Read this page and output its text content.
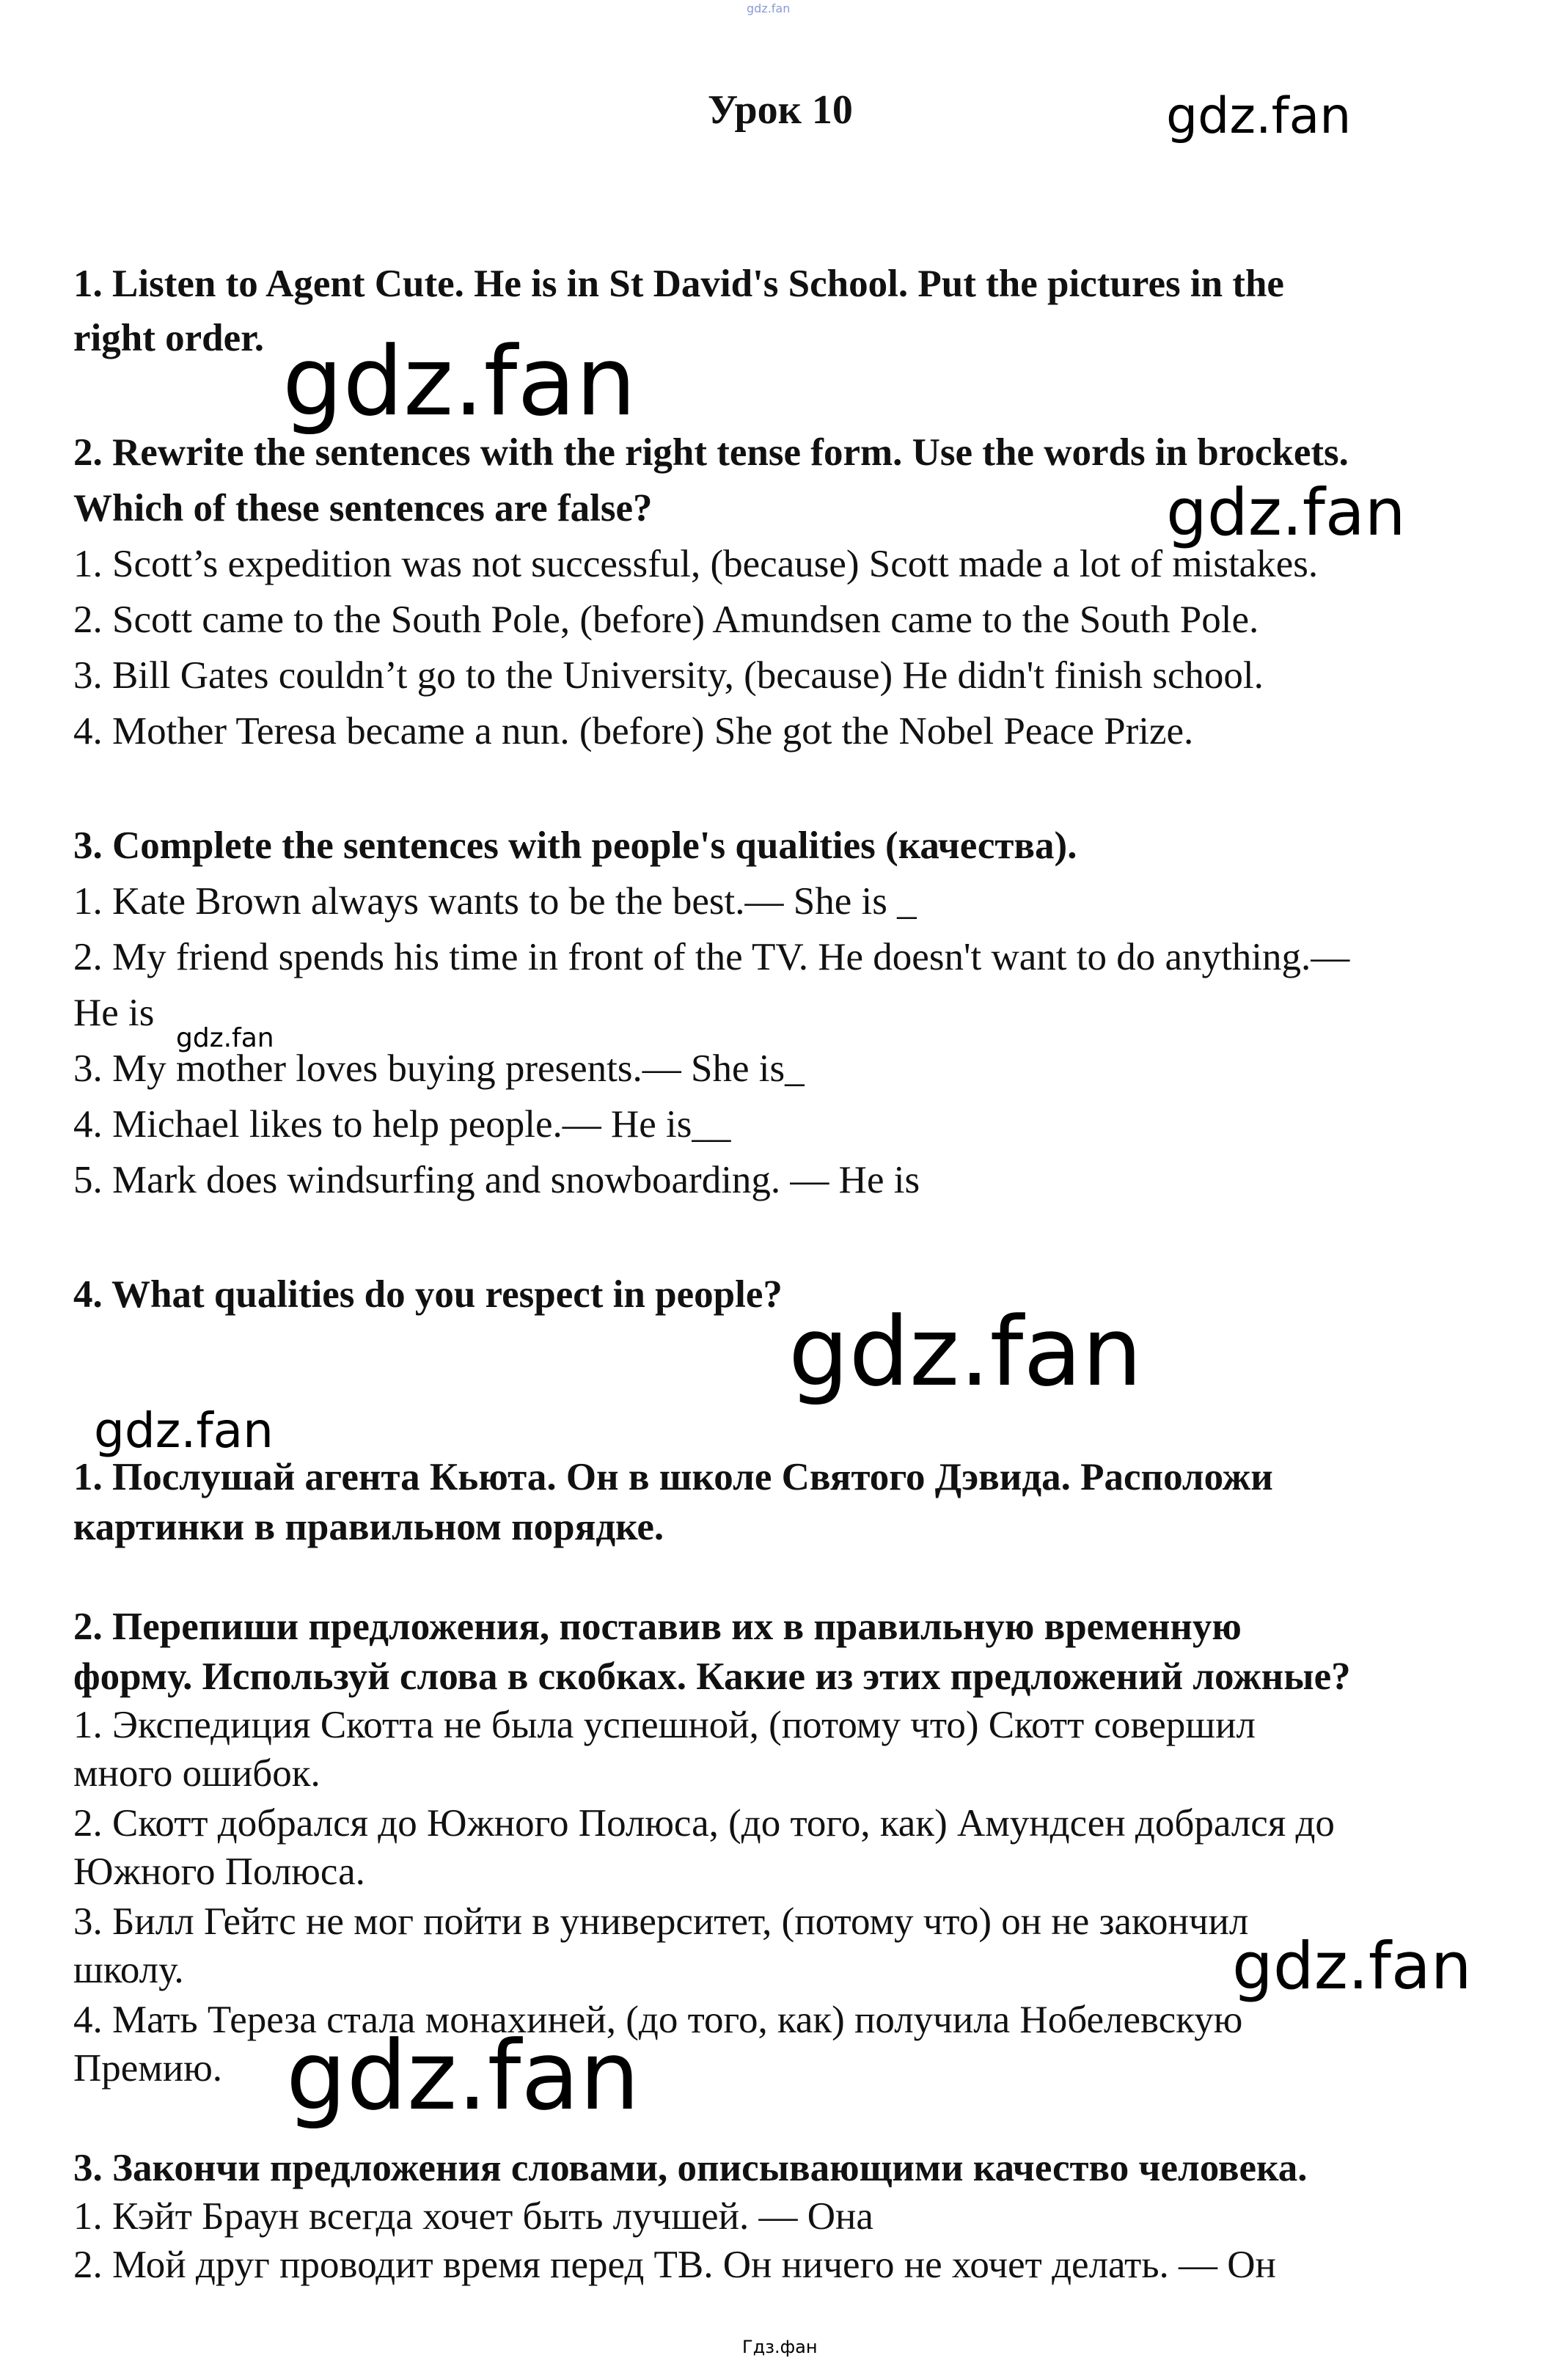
gdz.fan
Урок 10
1. Listen to Agent Cute. He is in St David's School. Put the pictures in the
right order.
2. Rewrite the sentences with the right tense form. Use the words in brockets.
Which of these sentences are false?
1. Scott’s expedition was not successful, (because) Scott made a lot of mistakes.
2. Scott came to the South Pole, (before) Amundsen came to the South Pole.
3. Bill Gates couldn’t go to the University, (because) He didn't finish school.
4. Mother Teresa became a nun. (before) She got the Nobel Peace Prize.
3. Complete the sentences with people's qualities (качества).
1. Kate Brown always wants to be the best.— She is _
2. My friend spends his time in front of the TV. He doesn't want to do anything.—
He is
3. My mother loves buying presents.— She is_
4. Michael likes to help people.— He is__
5. Mark does windsurfing and snowboarding. — He is
4. What qualities do you respect in people?
1. Послушай агента Кьюта. Он в школе Святого Дэвида. Расположи
картинки в правильном порядке.
2. Перепиши предложения, поставив их в правильную временную
форму. Используй слова в скобках. Какие из этих предложений ложные?
1. Экспедиция Скотта не была успешной, (потому что) Скотт совершил
много ошибок.
2. Скотт добрался до Южного Полюса, (до того, как) Амундсен добрался до
Южного Полюса.
3. Билл Гейтс не мог пойти в университет, (потому что) он не закончил
школу.
4. Мать Тереза стала монахиней, (до того, как) получила Нобелевскую
Премию.
3. Закончи предложения словами, описывающими качество человека.
1. Кэйт Браун всегда хочет быть лучшей. — Она
2. Мой друг проводит время перед ТВ. Он ничего не хочет делать. — Он
gdz.fan
gdz.fan
gdz.fan
gdz.fan
gdz.fan
gdz.fan
gdz.fan
gdz.fan
Гдз.фан
